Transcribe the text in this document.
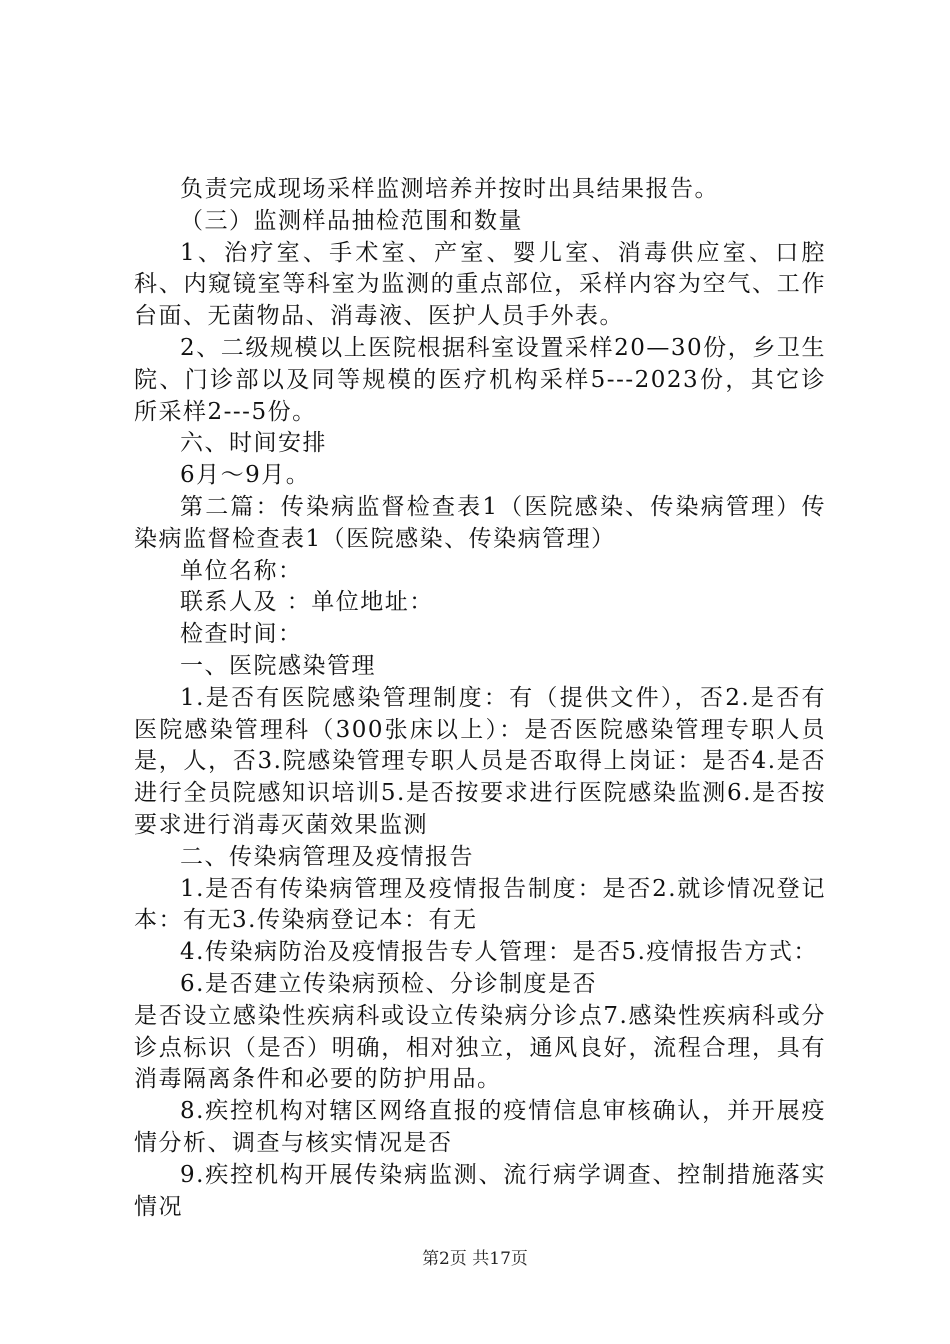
负责完成现场采样监测培养并按时出具结果报告。

（三）监测样品抽检范围和数量

1、治疗室、手术室、产室、婴儿室、消毒供应室、口腔科、内窥镜室等科室为监测的重点部位，采样内容为空气、工作台面、无菌物品、消毒液、医护人员手外表。

2、二级规模以上医院根据科室设置采样20—30份，乡卫生院、门诊部以及同等规模的医疗机构采样5---2023份，其它诊所采样2---5份。

六、时间安排

6月～9月。

第二篇：传染病监督检查表1（医院感染、传染病管理）传染病监督检查表1（医院感染、传染病管理）

单位名称：

联系人及 ：单位地址：

检查时间：

一、医院感染管理

1.是否有医院感染管理制度：有（提供文件），否2.是否有医院感染管理科（300张床以上）：是否医院感染管理专职人员是，人，否3.院感染管理专职人员是否取得上岗证：是否4.是否进行全员院感知识培训5.是否按要求进行医院感染监测6.是否按要求进行消毒灭菌效果监测

二、传染病管理及疫情报告

1.是否有传染病管理及疫情报告制度：是否2.就诊情况登记本：有无3.传染病登记本：有无

4.传染病防治及疫情报告专人管理：是否5.疫情报告方式：

6.是否建立传染病预检、分诊制度是否

是否设立感染性疾病科或设立传染病分诊点7.感染性疾病科或分诊点标识（是否）明确，相对独立，通风良好，流程合理，具有消毒隔离条件和必要的防护用品。

8.疾控机构对辖区网络直报的疫情信息审核确认，并开展疫情分析、调查与核实情况是否

9.疾控机构开展传染病监测、流行病学调查、控制措施落实情况

第2页 共17页
